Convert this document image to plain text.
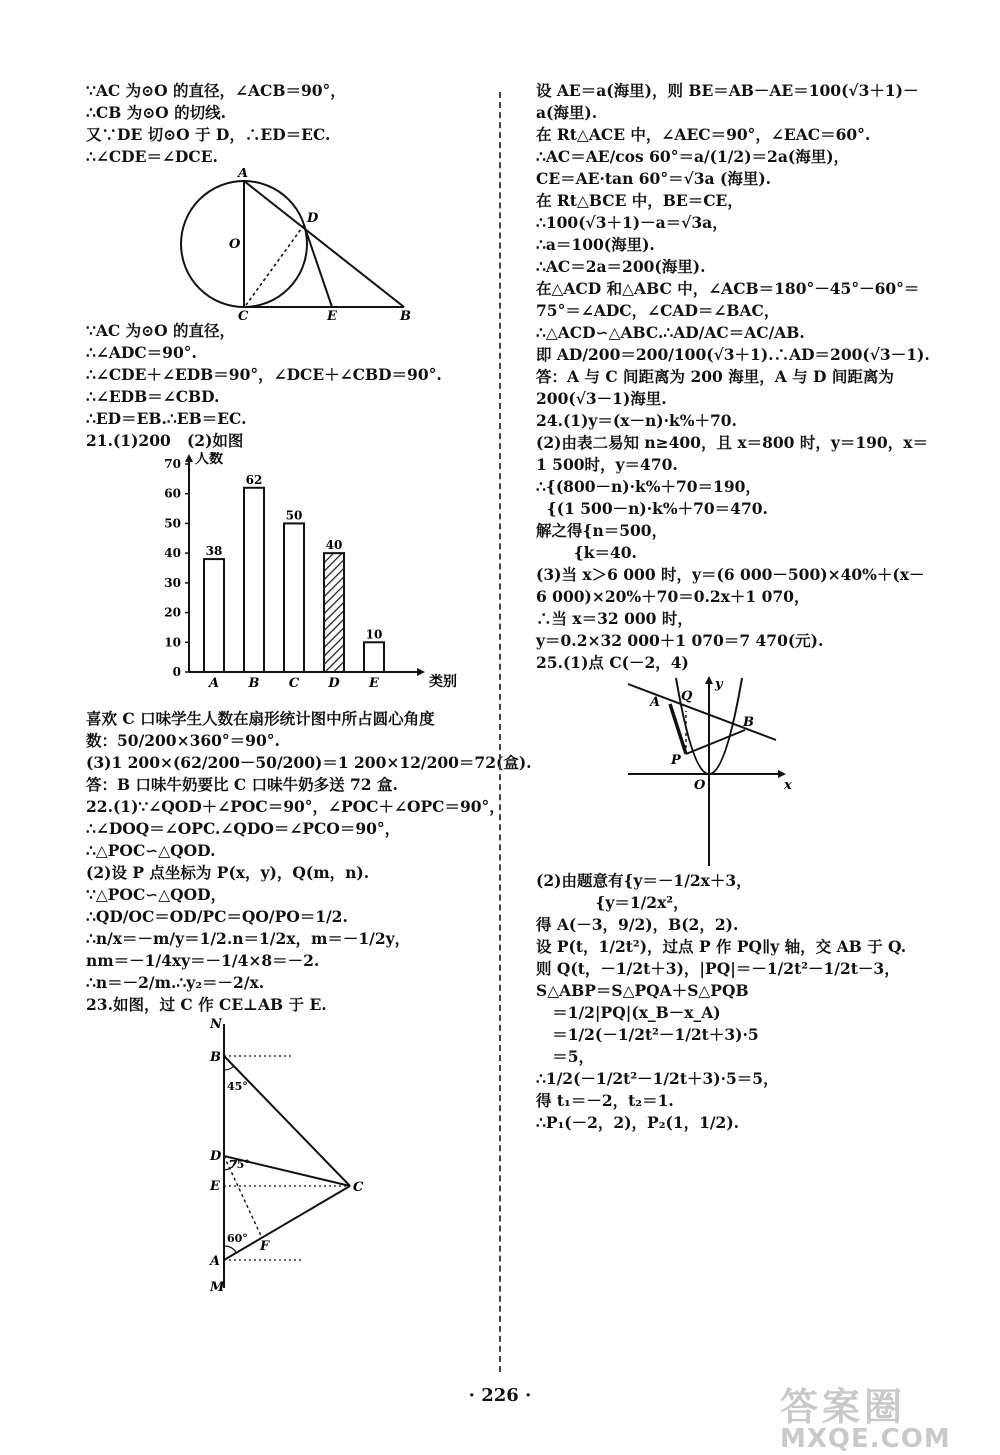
∵AC 为⊙O 的直径，∠ACB＝90°，
∴CB 为⊙O 的切线.
又∵DE 切⊙O 于 D，∴ED＝EC.
∴∠CDE＝∠DCE.
A
D
O
C	E	B
∵AC 为⊙O 的直径，
∴∠ADC＝90°.
∴∠CDE＋∠EDB＝90°，∠DCE＋∠CBD＝90°.
∴∠EDB＝∠CBD.
∴ED＝EB.∴EB＝EC.
21.(1)200   (2)如图
人数
类别
0
10
20
30
40
50
60
70
38
A
62
B
50
C
40
D
10
E
喜欢 C 口味学生人数在扇形统计图中所占圆心角度
数：50/200×360°＝90°.
(3)1 200×(62/200－50/200)＝1 200×12/200＝72(盒).
答：B 口味牛奶要比 C 口味牛奶多送 72 盒.
22.(1)∵∠QOD＋∠POC＝90°，∠POC＋∠OPC＝90°，
∴∠DOQ＝∠OPC.∠QDO＝∠PCO＝90°，
∴△POC∽△QOD.
(2)设 P 点坐标为 P(x，y)，Q(m，n).
∵△POC∽△QOD，
∴QD/OC＝OD/PC＝QO/PO＝1/2.
∴n/x＝－m/y＝1/2.n＝1/2x，m＝－1/2y，
nm＝－1/4xy＝－1/4×8＝－2.
∴n＝－2/m.∴y₂＝－2/x.
23.如图，过 C 作 CE⊥AB 于 E.
N
B
45°
D
75°
E	C
60°
F
A
M
设 AE＝a(海里)，则 BE＝AB－AE＝100(√3＋1)－
a(海里).
在 Rt△ACE 中，∠AEC＝90°，∠EAC＝60°.
∴AC＝AE/cos 60°＝a/(1/2)＝2a(海里)，
CE＝AE·tan 60°＝√3a (海里).
在 Rt△BCE 中，BE＝CE，
∴100(√3＋1)－a＝√3a，
∴a＝100(海里).
∴AC＝2a＝200(海里).
在△ACD 和△ABC 中，∠ACB＝180°－45°－60°＝
75°＝∠ADC，∠CAD＝∠BAC，
∴△ACD∽△ABC.∴AD/AC＝AC/AB.
即 AD/200＝200/100(√3＋1).∴AD＝200(√3－1).
答：A 与 C 间距离为 200 海里，A 与 D 间距离为
200(√3－1)海里.
24.(1)y＝(x－n)·k%＋70.
(2)由表二易知 n≥400，且 x＝800 时，y＝190，x＝
1 500时，y＝470.
∴{(800－n)·k%＋70＝190，
{(1 500－n)·k%＋70＝470.
解之得{n＝500，
{k＝40.
(3)当 x＞6 000 时，y＝(6 000－500)×40%＋(x－
6 000)×20%＋70＝0.2x＋1 070，
∴当 x＝32 000 时，
y＝0.2×32 000＋1 070＝7 470(元).
25.(1)点 C(－2，4)
y
Q
A
B
P
O	x
(2)由题意有{y＝－1/2x＋3，
{y＝1/2x²，
得 A(－3，9/2)，B(2，2).
设 P(t，1/2t²)，过点 P 作 PQ∥y 轴，交 AB 于 Q.
则 Q(t，－1/2t＋3)，|PQ|＝－1/2t²－1/2t－3，
S△ABP＝S△PQA＋S△PQB
＝1/2|PQ|(x_B－x_A)
＝1/2(－1/2t²－1/2t＋3)·5
＝5，
∴1/2(－1/2t²－1/2t＋3)·5＝5，
得 t₁＝－2，t₂＝1.
∴P₁(－2，2)，P₂(1，1/2).
· 226 ·	答案圈
MXQE.COM
